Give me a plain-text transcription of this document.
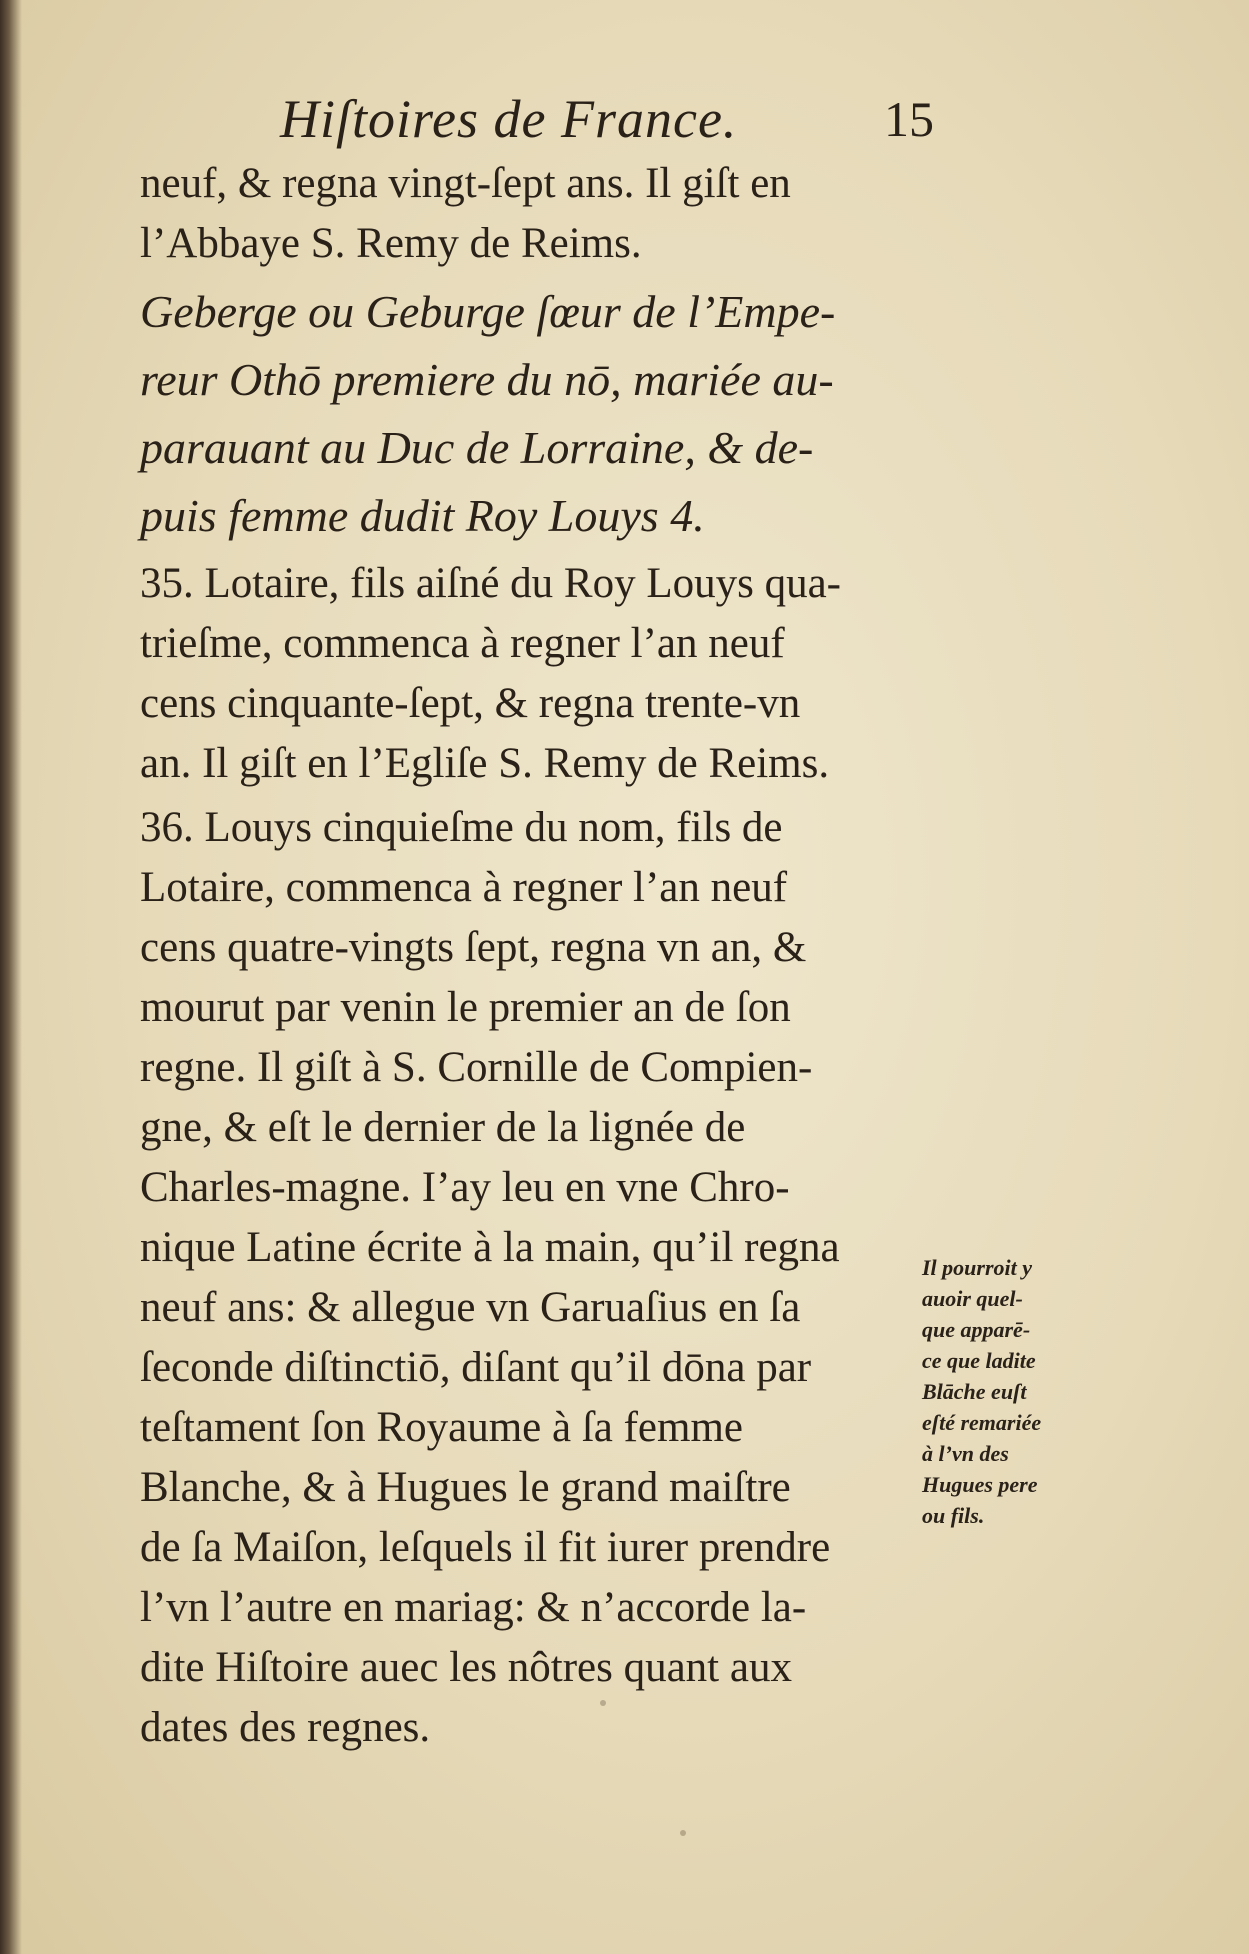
Hiſtoires de France.	15
neuf, & regna vingt-ſept ans. Il giſt en
l’Abbaye S. Remy de Reims.
Geberge ou Geburge ſœur de l’Empe-
reur Othō premiere du nō, mariée au-
parauant au Duc de Lorraine, & de-
puis femme dudit Roy Louys 4.
35. Lotaire, fils aiſné du Roy Louys qua-
trieſme, commenca à regner l’an neuf
cens cinquante-ſept, & regna trente-vn
an. Il giſt en l’Egliſe S. Remy de Reims.
36. Louys cinquieſme du nom, fils de
Lotaire, commenca à regner l’an neuf
cens quatre-vingts ſept, regna vn an, &
mourut par venin le premier an de ſon
regne. Il giſt à S. Cornille de Compien-
gne, & eſt le dernier de la lignée de
Charles-magne. I’ay leu en vne Chro-
nique Latine écrite à la main, qu’il regna
neuf ans: & allegue vn Garuaſius en ſa
ſeconde diſtinctiō, diſant qu’il dōna par
teſtament ſon Royaume à ſa femme
Blanche, & à Hugues le grand maiſtre
de ſa Maiſon, leſquels il fit iurer prendre
l’vn l’autre en mariag: & n’accorde la-
dite Hiſtoire auec les nôtres quant aux
dates des regnes.
Il pourroit y
auoir quel-
que apparē-
ce que ladite
Blāche euſt
eſté remariée
à l’vn des
Hugues pere
ou fils.
